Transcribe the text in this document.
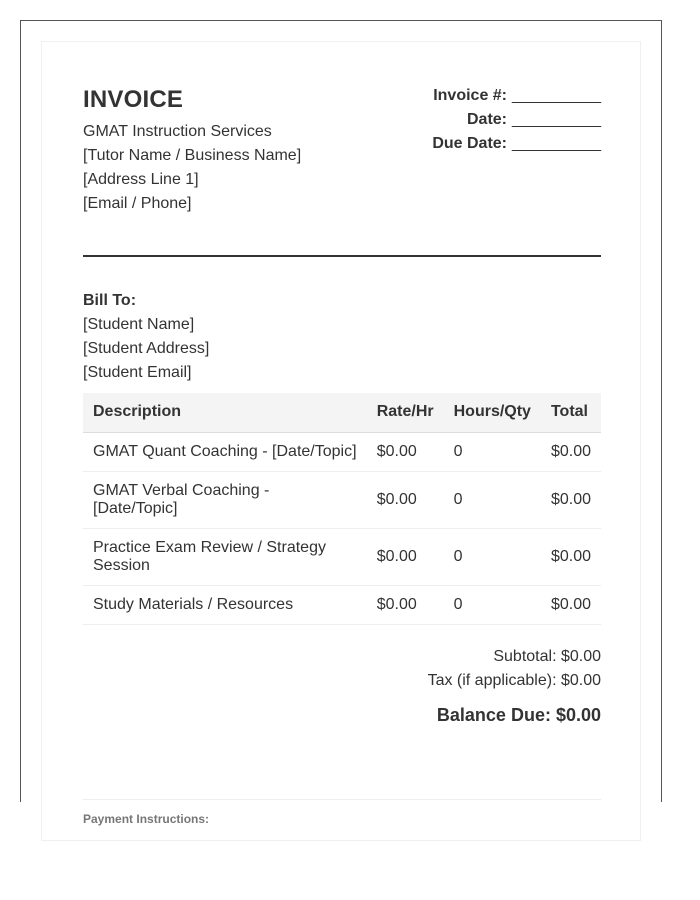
INVOICE
GMAT Instruction Services
[Tutor Name / Business Name]
[Address Line 1]
[Email / Phone]
Invoice #: __________
Date: __________
Due Date: __________
Bill To:
[Student Name]
[Student Address]
[Student Email]
Description	Rate/Hr	Hours/Qty	Total
GMAT Quant Coaching - [Date/Topic]	$0.00	0	$0.00
GMAT Verbal Coaching - [Date/Topic]	$0.00	0	$0.00
Practice Exam Review / Strategy Session	$0.00	0	$0.00
Study Materials / Resources	$0.00	0	$0.00
Subtotal: $0.00
Tax (if applicable): $0.00
Balance Due: $0.00
Payment Instructions:
